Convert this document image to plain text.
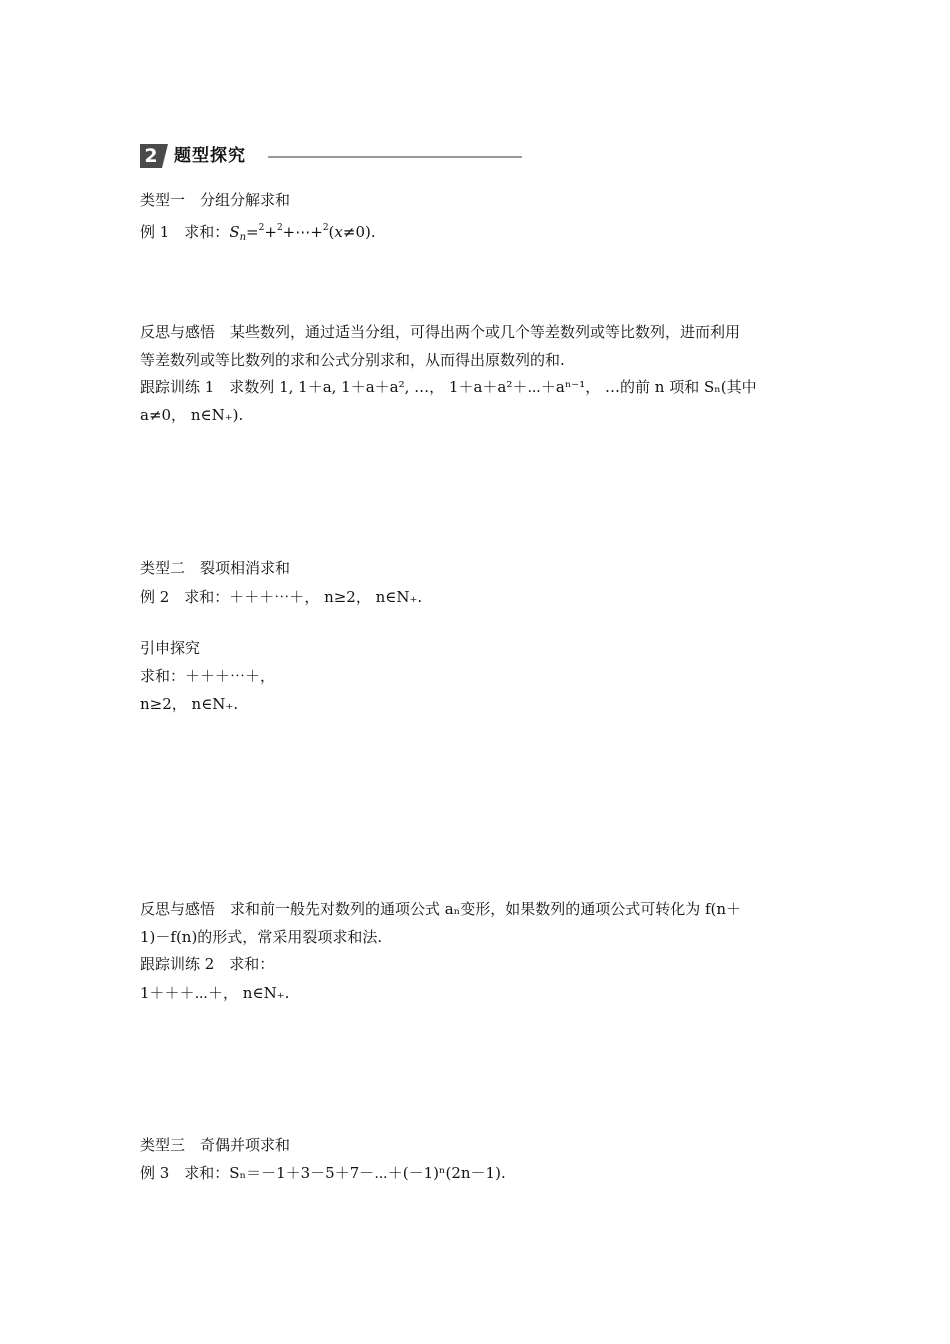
2 题型探究
类型一　分组分解求和
例 1　求和：$S_n=^2+^2+\cdots+^2(x\ne 0)$.
反思与感悟　某些数列，通过适当分组，可得出两个或几个等差数列或等比数列，进而利用
等差数列或等比数列的求和公式分别求和，从而得出原数列的和.
跟踪训练 1　求数列 1, 1＋a, 1＋a＋a², …， 1＋a＋a²＋⋯＋aⁿ⁻¹， …的前 n 项和 Sₙ(其中
a≠0， n∈N₊).
类型二　裂项相消求和
例 2　求和：＋＋＋⋯＋， n≥2， n∈N₊.
引申探究
求和：＋＋＋⋯＋，
n≥2， n∈N₊.
反思与感悟　求和前一般先对数列的通项公式 aₙ变形，如果数列的通项公式可转化为 f(n＋
1)－f(n)的形式，常采用裂项求和法.
跟踪训练 2　求和：
1＋＋＋⋯＋， n∈N₊.
类型三　奇偶并项求和
例 3　求和：Sₙ＝－1＋3－5＋7－⋯＋(－1)ⁿ(2n－1).
